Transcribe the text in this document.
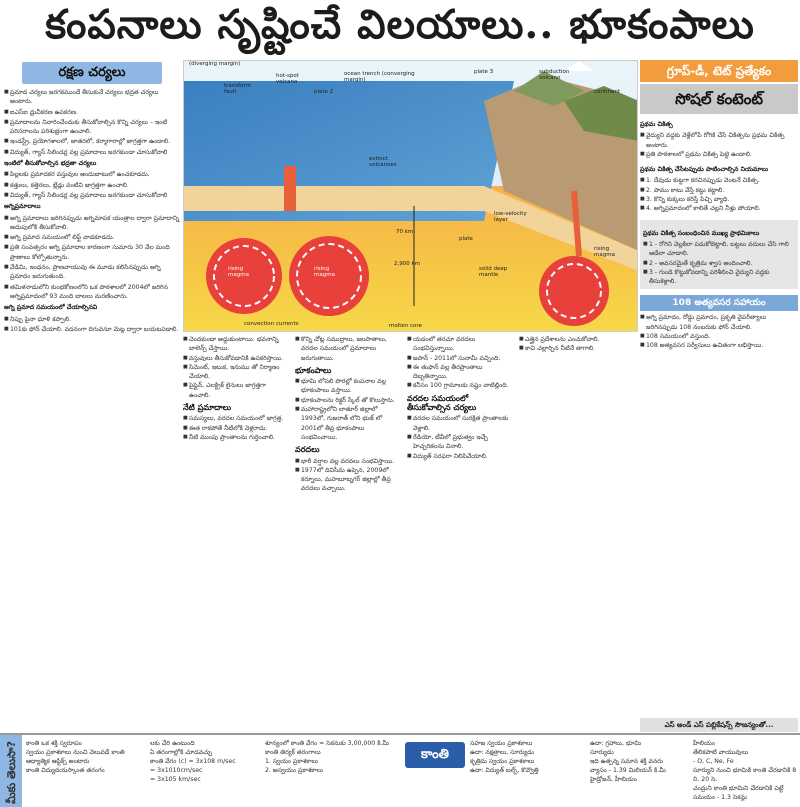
కంపనాలు సృష్టించే విలయాలు.. భూకంపాలు
రక్షణ చర్యలు
■ ప్రమాద చర్యలు జరగకముందే తీసుకునే చర్యలు భద్రత చర్యలు అంటారు.
■ ఐఎస్ఐ ధ్రువీకరణ ఉపకరణ.
■ ప్రమాదాలను నివారించేందుకు తీసుకోవాల్సిన కొన్ని చర్యలు – ఇంటి పరిసరాలను పరిశుభ్రంగా ఉంచాలి.
■ ఇండస్ట్రీ, ప్రయోగశాలలో, జాతరలో, కర్మాగారాల్లో జాగ్రత్తగా ఉండాలి.
■ విద్యుత్, గ్యాస్ సిలిండర్ల వల్ల ప్రమాదాలు జరగకుండా చూసుకోవాలి
ఇంటిలో తీసుకోవాల్సిన భద్రతా చర్యలు
■ పిల్లలకు ప్రమాదకర వస్తువుల అందుబాటులో ఉంచకూడదు.
■ కత్తులు, కత్తెరలు, బ్లేడ్లు వంటివి జాగ్రత్తగా ఉంచాలి.
■ విద్యుత్, గ్యాస్ సిలిండర్ల వల్ల ప్రమాదాలు జరగకుండా చూసుకోవాలి
అగ్నిప్రమాదాలు
■ అగ్ని ప్రమాదాలు జరిగినప్పుడు అగ్నిమాపక యంత్రాల ద్వారా ప్రమాదాన్ని అదుపులోకి తీసుకోవాలి.
■ అగ్ని ప్రమాద సమయంలో లిఫ్ట్ వాడకూడదు.
■ ప్రతి సంవత్సరం అగ్ని ప్రమాదాల కారణంగా సుమారు 30 వేల మంది ప్రాణాలు కోల్పోతున్నారు.
■ వేడిమి, ఇంధనం, ప్రాణవాయువు ఈ మూడు కలిసినప్పుడు అగ్ని ప్రమాదం జరుగుతుంది.
■ తమిళనాడులోని కుంభకోణంలోని ఒక పాఠశాలలో 2004లో జరిగిన అగ్నిప్రమాదంలో 93 మంది బాలలు మరణించారు.
అగ్ని ప్రమాద సమయంలో చేయాల్సినవి
■ నిప్పు పైనా ధూళి కప్పాలి.
■ 101కు ఫోన్ చేయాలి. వదనంగా దిగువనూ మెట్ల ద్వారా బయటపడాలి.
(diverging margin)
transform fault
hot-spot volcano
plate 2
ocean trench (converging margin)
plate 3	subduction volcano
continent
extinct volcanoes
rising magma
rising magma
rising magma
70 km
2,900 km
plate
low-velocity layer
solid deep mantle
convection currents	molten core
గ్రూప్-డీ, టెట్ ప్రత్యేకం
సోషల్ కంటెంట్
ప్రథమ చికిత్స
■ వైద్యుని వద్దకు వెళ్లేలోపే రోగికి చేసే చికిత్సను ప్రథమ చికిత్స అంటారు.
■ ప్రతి పాఠశాలలో ప్రథమ చికిత్స పెట్టె ఉండాలి.
ప్రథమ చికిత్స చేసేటప్పుడు పాటించాల్సిన నియమాలు
■ 1. దేవుడు కుట్టగా కరచినప్పుడు వెంటనే చికిత్స.
■ 2. పాము కాటు వేస్తే కట్టు కట్టాలి.
■ 3. కొన్ని కుక్కలు కరిస్తే పిచ్చి వ్యాధి.
■ 4. అగ్నిప్రమాదంలో కాలితే చల్లని నీళ్లు పోయాలి.
ప్రథమ చికిత్స సంబంధించిన ముఖ్య ప్రాథమికాలు
■ 1 - రోగిని వెల్లకిలా పడుకోబెట్టాలి, బట్టలు వదులు చేసి గాలి ఆడేలా చూడాలి.
■ 2 - అవసరమైతే కృత్రిమ శ్వాస అందించాలి.
■ 3 - గుండె కొట్టుకోవడాన్ని పరిశీలించి వైద్యుని వద్దకు తీసుకెళ్లాలి.
108 అత్యవసర సహాయం
■ అగ్ని ప్రమాదం, రోడ్డు ప్రమాదం, ప్రకృతి వైపరీత్యాలు జరిగినప్పుడు 108 నంబరుకు ఫోన్ చేయాలి.
■ 108 సమయంలో వస్తుంది.
■ 108 అత్యవసర సర్వీసులు ఉచితంగా లభిస్తాయి.
ఎస్ అండ్ ఎస్ పబ్లికేషన్స్ సౌజన్యంతో...
■ చెందకుండా అడ్డుకుంటాయి. భవనాన్ని బాలెన్స్ చేస్తాయి.
■ వస్తువులు తీసుకోవడానికి ఉపకరిస్తాయి.
■ సిమెంట్, ఇటుక, ఇనుము తో నిర్మాణం చేయాలి.
■ పైప్లైన్, ఎలక్ట్రిక్ లైనులు జాగ్రత్తగా ఉంచాలి.
నేటి ప్రమాదాలు
■ సమస్యలు, వరదల సమయంలో జాగ్రత్త.
■ ఈత రాకపోతే నీటిలోకి వెళ్లరాదు.
■ నీటి ముంపు ప్రాంతాలను గుర్తించాలి.
■ కొన్ని చోట్ల సముద్రాలు, జలపాతాలు, వరదల సమయంలో ప్రమాదాలు జరుగుతాయి.
భూకంపాలు
■ భూమి లోపలి పొరల్లో కంపనాల వల్ల భూకంపాలు వస్తాయి.
■ భూకంపాలను రిక్టర్ స్కేల్ తో కొలుస్తారు.
■ మహారాష్ట్రలోని లాతూర్ జిల్లాలో 1993లో, గుజరాత్ లోని భుజ్ లో 2001లో తీవ్ర భూకంపాలు సంభవించాయి.
వరదలు
■ భారీ వర్షాల వల్ల వరదలు సంభవిస్తాయి.
■ 1977లో దివిసీమ ఉప్పెన, 2009లో కర్నూలు, మహబూబ్నగర్ జిల్లాల్లో తీవ్ర వరదలు వచ్చాయి.
■ యడంలో తరచూ వరదలు సంభవిస్తున్నాయి.
■ జపాన్ - 2011లో సునామీ వచ్చింది.
■ ఈ తుఫాన్ వల్ల తీరప్రాంతాలు దెబ్బతిన్నాయి.
■ కనీసం 100 గ్రామాలకు నష్టం వాటిల్లింది.
వరదల సమయంలో తీసుకోవాల్సిన చర్యలు
■ వరదల సమయంలో సురక్షిత ప్రాంతాలకు వెళ్లాలి.
■ రేడియో, టీవీలో ప్రభుత్వం ఇచ్చే హెచ్చరికలను వినాలి.
■ విద్యుత్ సరఫరా నిలిపివేయాలి.
■ ఎత్తైన ప్రదేశాలను ఎంచుకోవాలి.
■ కాచి చల్లార్చిన నీటినే తాగాలి.
మీకు తెలుసా? కాంతి ఒక శక్తి స్వరూపం
స్వయం ప్రకాశకాలు నుంచి వెలువడే కాంతి
ఆధ్యాత్మిక ఆప్టిక్స్ అంటారు
కాంతి విద్యుదయస్కాంత తరంగం
లకు చేరి ఉంటుంది
ఏ తరంగాల్లోకి చూడవచ్చు
కాంతి వేగం (c) = 3x108 m/sec
= 3x1010cm/sec
= 3x105 km/sec
శూన్యంలో కాంతి వేగం = సెకనుకు 3,00,000 కి.మీ
కాంతి తిర్యక్ తరంగాలు
1. స్వయం ప్రకాశకాలు
2. అస్వయం ప్రకాశకాలు
సహజ స్వయం ప్రకాశకాలు
ఉదా: నక్షత్రాలు, సూర్యుడు
కృత్రిమ స్వయం ప్రకాశకాలు
ఉదా: విద్యుత్ బల్బ్, కొవ్వొత్తి
ఉదా: గ్రహాలు, భూమి
సూర్యుడు
ఇది ఉత్పన్న సమాన శక్తి వనరు
వ్యాసం - 1.39 మిలియన్ కి.మీ
హైడ్రోజన్, హీలియం
హీలియం
తేలికపాటి వాయువులు
- O, C, Ne, Fe
సూర్యుని నుంచి భూమికి కాంతి చేరడానికి 8 ని. 20 సె.
చంద్రుని కాంతి భూమిని చేరడానికి పట్టే సమయం - 1.3 సెకన్లు
కాంతి
